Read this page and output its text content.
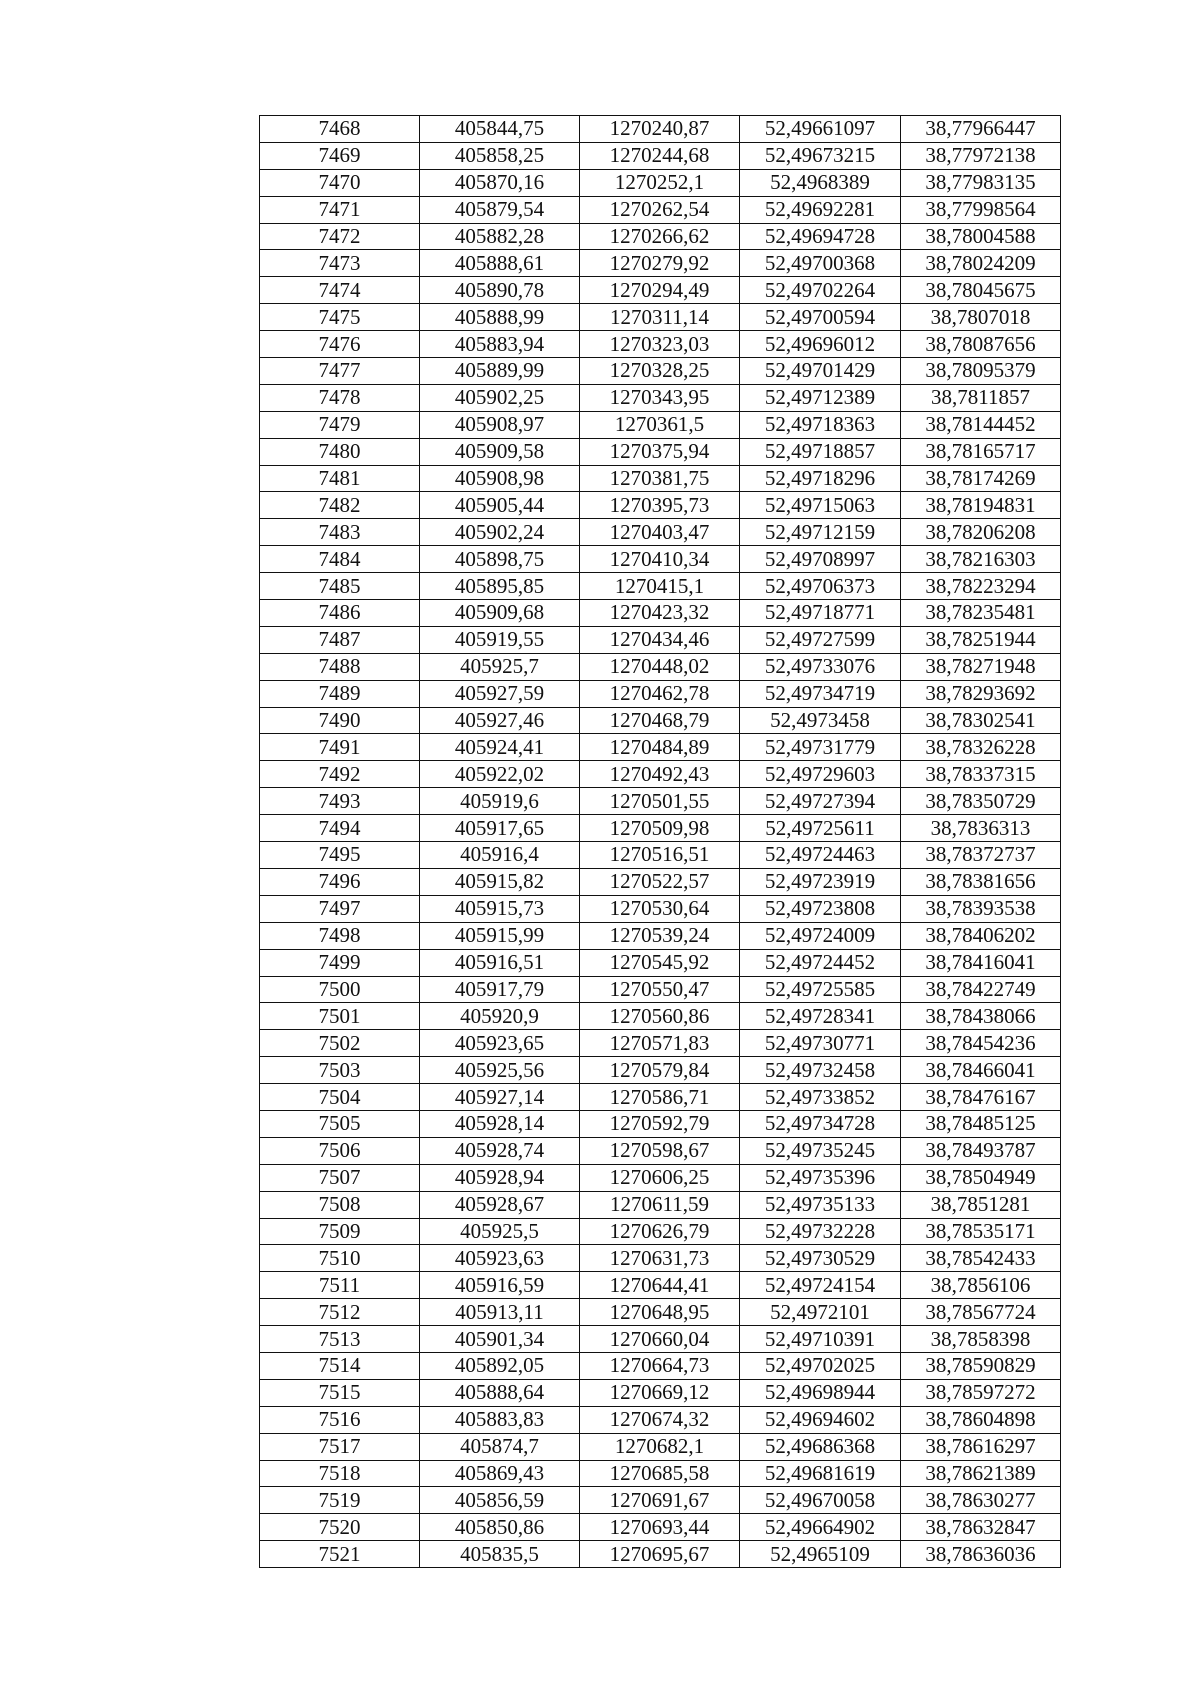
7468	405844,75	1270240,87	52,49661097	38,77966447
7469	405858,25	1270244,68	52,49673215	38,77972138
7470	405870,16	1270252,1	52,4968389	38,77983135
7471	405879,54	1270262,54	52,49692281	38,77998564
7472	405882,28	1270266,62	52,49694728	38,78004588
7473	405888,61	1270279,92	52,49700368	38,78024209
7474	405890,78	1270294,49	52,49702264	38,78045675
7475	405888,99	1270311,14	52,49700594	38,7807018
7476	405883,94	1270323,03	52,49696012	38,78087656
7477	405889,99	1270328,25	52,49701429	38,78095379
7478	405902,25	1270343,95	52,49712389	38,7811857
7479	405908,97	1270361,5	52,49718363	38,78144452
7480	405909,58	1270375,94	52,49718857	38,78165717
7481	405908,98	1270381,75	52,49718296	38,78174269
7482	405905,44	1270395,73	52,49715063	38,78194831
7483	405902,24	1270403,47	52,49712159	38,78206208
7484	405898,75	1270410,34	52,49708997	38,78216303
7485	405895,85	1270415,1	52,49706373	38,78223294
7486	405909,68	1270423,32	52,49718771	38,78235481
7487	405919,55	1270434,46	52,49727599	38,78251944
7488	405925,7	1270448,02	52,49733076	38,78271948
7489	405927,59	1270462,78	52,49734719	38,78293692
7490	405927,46	1270468,79	52,4973458	38,78302541
7491	405924,41	1270484,89	52,49731779	38,78326228
7492	405922,02	1270492,43	52,49729603	38,78337315
7493	405919,6	1270501,55	52,49727394	38,78350729
7494	405917,65	1270509,98	52,49725611	38,7836313
7495	405916,4	1270516,51	52,49724463	38,78372737
7496	405915,82	1270522,57	52,49723919	38,78381656
7497	405915,73	1270530,64	52,49723808	38,78393538
7498	405915,99	1270539,24	52,49724009	38,78406202
7499	405916,51	1270545,92	52,49724452	38,78416041
7500	405917,79	1270550,47	52,49725585	38,78422749
7501	405920,9	1270560,86	52,49728341	38,78438066
7502	405923,65	1270571,83	52,49730771	38,78454236
7503	405925,56	1270579,84	52,49732458	38,78466041
7504	405927,14	1270586,71	52,49733852	38,78476167
7505	405928,14	1270592,79	52,49734728	38,78485125
7506	405928,74	1270598,67	52,49735245	38,78493787
7507	405928,94	1270606,25	52,49735396	38,78504949
7508	405928,67	1270611,59	52,49735133	38,7851281
7509	405925,5	1270626,79	52,49732228	38,78535171
7510	405923,63	1270631,73	52,49730529	38,78542433
7511	405916,59	1270644,41	52,49724154	38,7856106
7512	405913,11	1270648,95	52,4972101	38,78567724
7513	405901,34	1270660,04	52,49710391	38,7858398
7514	405892,05	1270664,73	52,49702025	38,78590829
7515	405888,64	1270669,12	52,49698944	38,78597272
7516	405883,83	1270674,32	52,49694602	38,78604898
7517	405874,7	1270682,1	52,49686368	38,78616297
7518	405869,43	1270685,58	52,49681619	38,78621389
7519	405856,59	1270691,67	52,49670058	38,78630277
7520	405850,86	1270693,44	52,49664902	38,78632847
7521	405835,5	1270695,67	52,4965109	38,78636036
